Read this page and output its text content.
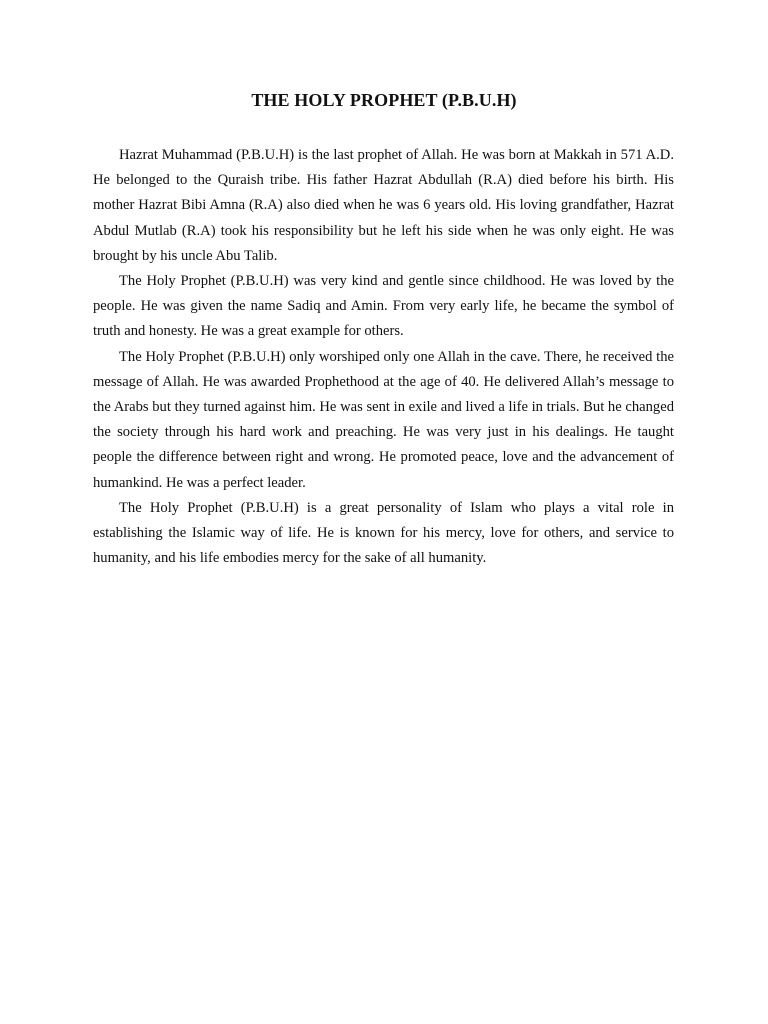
THE HOLY PROPHET (P.B.U.H)

Hazrat Muhammad (P.B.U.H) is the last prophet of Allah. He was born at Makkah in 571 A.D. He belonged to the Quraish tribe. His father Hazrat Abdullah (R.A) died before his birth. His mother Hazrat Bibi Amna (R.A) also died when he was 6 years old. His loving grandfather, Hazrat Abdul Mutlab (R.A) took his responsibility but he left his side when he was only eight. He was brought by his uncle Abu Talib.

The Holy Prophet (P.B.U.H) was very kind and gentle since childhood. He was loved by the people. He was given the name Sadiq and Amin. From very early life, he became the symbol of truth and honesty. He was a great example for others.

The Holy Prophet (P.B.U.H) only worshiped only one Allah in the cave. There, he received the message of Allah. He was awarded Prophethood at the age of 40. He delivered Allah’s message to the Arabs but they turned against him. He was sent in exile and lived a life in trials. But he changed the society through his hard work and preaching. He was very just in his dealings. He taught people the difference between right and wrong. He promoted peace, love and the advancement of humankind. He was a perfect leader.

The Holy Prophet (P.B.U.H) is a great personality of Islam who plays a vital role in establishing the Islamic way of life. He is known for his mercy, love for others, and service to humanity, and his life embodies mercy for the sake of all humanity.
